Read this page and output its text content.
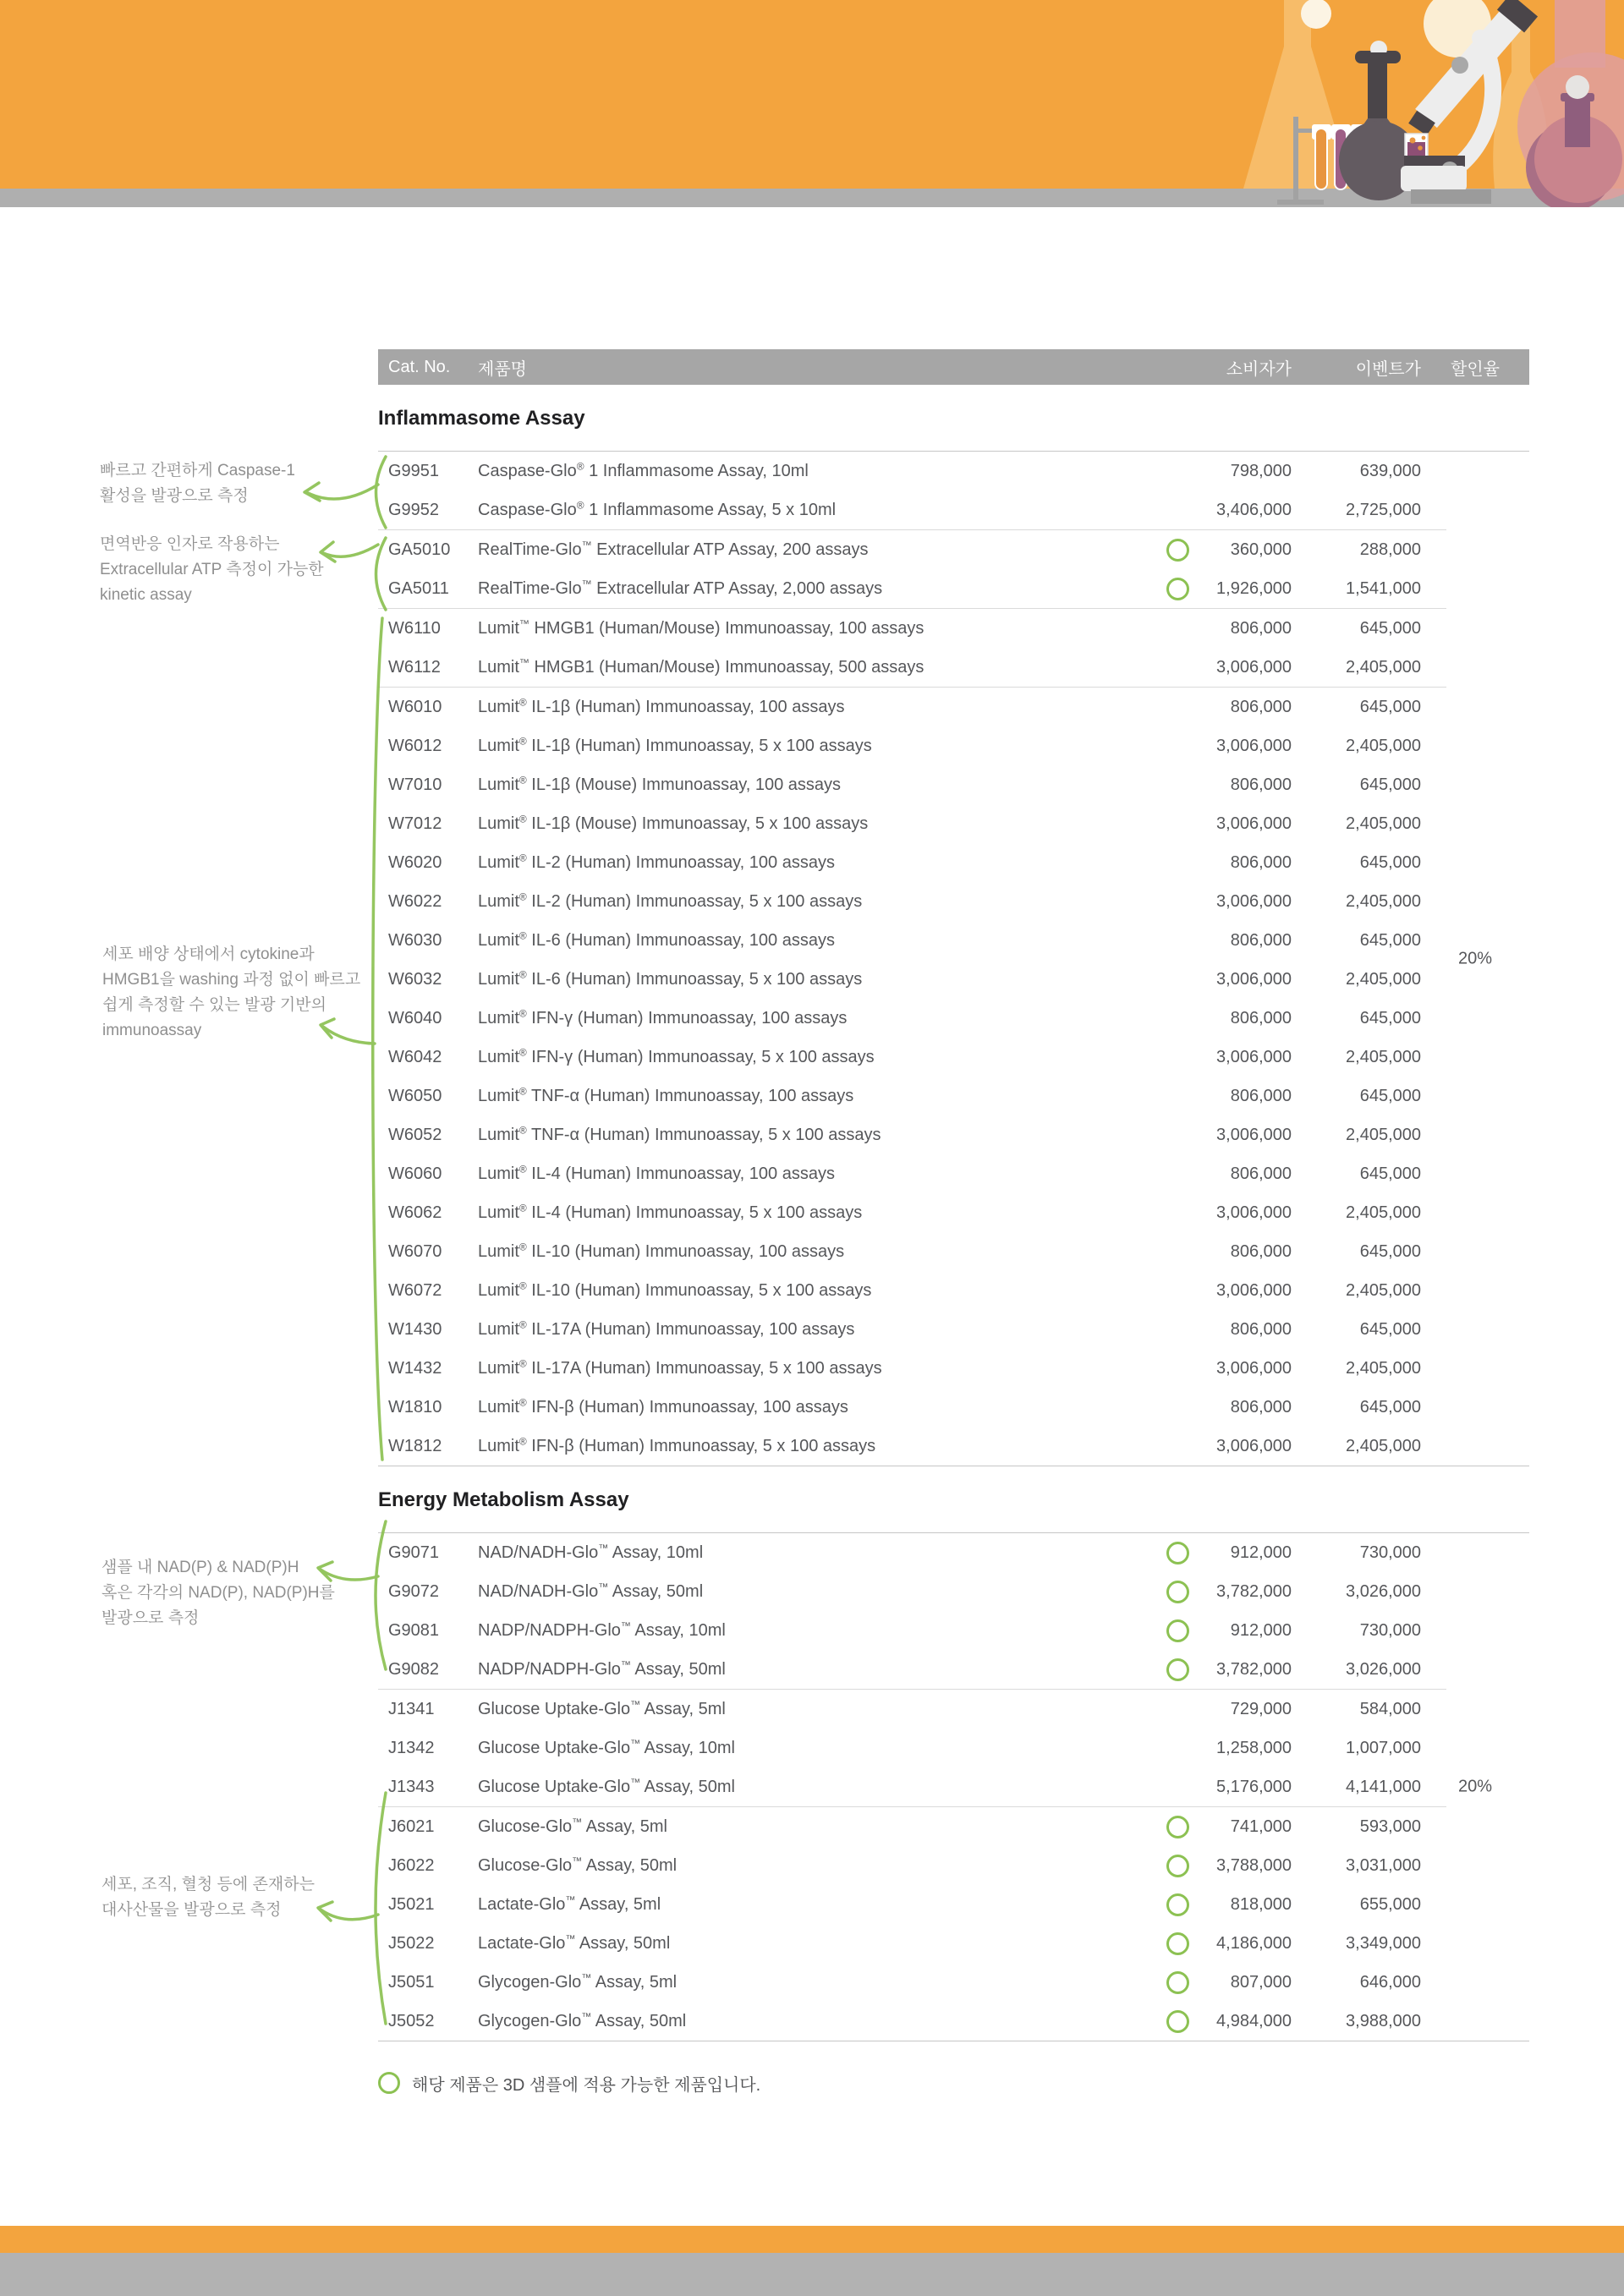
빠르고 간편하게 Caspase-1
활성을 발광으로 측정
면역반응 인자로 작용하는
Extracellular ATP 측정이 가능한
kinetic assay
세포 배양 상태에서 cytokine과
HMGB1을 washing 과정 없이 빠르고
쉽게 측정할 수 있는 발광 기반의
immunoassay
샘플 내 NAD(P) & NAD(P)H
혹은 각각의 NAD(P), NAD(P)H를
발광으로 측정
세포, 조직, 혈청 등에 존재하는
대사산물을 발광으로 측정
Cat. No.	제품명	소비자가	이벤트가	할인율
Inflammasome Assay
G9951	Caspase-Glo® 1 Inflammasome Assay, 10ml	798,000	639,000
G9952	Caspase-Glo® 1 Inflammasome Assay, 5 x 10ml	3,406,000	2,725,000
GA5010	RealTime-Glo™ Extracellular ATP Assay, 200 assays	360,000	288,000
GA5011	RealTime-Glo™ Extracellular ATP Assay, 2,000 assays	1,926,000	1,541,000
W6110	Lumit™ HMGB1 (Human/Mouse) Immunoassay, 100 assays	806,000	645,000
W6112	Lumit™ HMGB1 (Human/Mouse) Immunoassay, 500 assays	3,006,000	2,405,000
W6010	Lumit® IL-1β (Human) Immunoassay, 100 assays	806,000	645,000
W6012	Lumit® IL-1β (Human) Immunoassay, 5 x 100 assays	3,006,000	2,405,000
W7010	Lumit® IL-1β (Mouse) Immunoassay, 100 assays	806,000	645,000
W7012	Lumit® IL-1β (Mouse) Immunoassay, 5 x 100 assays	3,006,000	2,405,000
W6020	Lumit® IL-2 (Human) Immunoassay, 100 assays	806,000	645,000
W6022	Lumit® IL-2 (Human) Immunoassay, 5 x 100 assays	3,006,000	2,405,000
W6030	Lumit® IL-6 (Human) Immunoassay, 100 assays	806,000	645,000
W6032	Lumit® IL-6 (Human) Immunoassay, 5 x 100 assays	3,006,000	2,405,000
W6040	Lumit® IFN-γ (Human) Immunoassay, 100 assays	806,000	645,000
W6042	Lumit® IFN-γ (Human) Immunoassay, 5 x 100 assays	3,006,000	2,405,000
W6050	Lumit® TNF-α (Human) Immunoassay, 100 assays	806,000	645,000
W6052	Lumit® TNF-α (Human) Immunoassay, 5 x 100 assays	3,006,000	2,405,000
W6060	Lumit® IL-4 (Human) Immunoassay, 100 assays	806,000	645,000
W6062	Lumit® IL-4 (Human) Immunoassay, 5 x 100 assays	3,006,000	2,405,000
W6070	Lumit® IL-10 (Human) Immunoassay, 100 assays	806,000	645,000
W6072	Lumit® IL-10 (Human) Immunoassay, 5 x 100 assays	3,006,000	2,405,000
W1430	Lumit® IL-17A (Human) Immunoassay, 100 assays	806,000	645,000
W1432	Lumit® IL-17A (Human) Immunoassay, 5 x 100 assays	3,006,000	2,405,000
W1810	Lumit® IFN-β (Human) Immunoassay, 100 assays	806,000	645,000
W1812	Lumit® IFN-β (Human) Immunoassay, 5 x 100 assays	3,006,000	2,405,000
20%
Energy Metabolism Assay
G9071	NAD/NADH-Glo™ Assay, 10ml	912,000	730,000
G9072	NAD/NADH-Glo™ Assay, 50ml	3,782,000	3,026,000
G9081	NADP/NADPH-Glo™ Assay, 10ml	912,000	730,000
G9082	NADP/NADPH-Glo™ Assay, 50ml	3,782,000	3,026,000
J1341	Glucose Uptake-Glo™ Assay, 5ml	729,000	584,000
J1342	Glucose Uptake-Glo™ Assay, 10ml	1,258,000	1,007,000
J1343	Glucose Uptake-Glo™ Assay, 50ml	5,176,000	4,141,000
J6021	Glucose-Glo™ Assay, 5ml	741,000	593,000
J6022	Glucose-Glo™ Assay, 50ml	3,788,000	3,031,000
J5021	Lactate-Glo™ Assay, 5ml	818,000	655,000
J5022	Lactate-Glo™ Assay, 50ml	4,186,000	3,349,000
J5051	Glycogen-Glo™ Assay, 5ml	807,000	646,000
J5052	Glycogen-Glo™ Assay, 50ml	4,984,000	3,988,000
20%
해당 제품은 3D 샘플에 적용 가능한 제품입니다.
